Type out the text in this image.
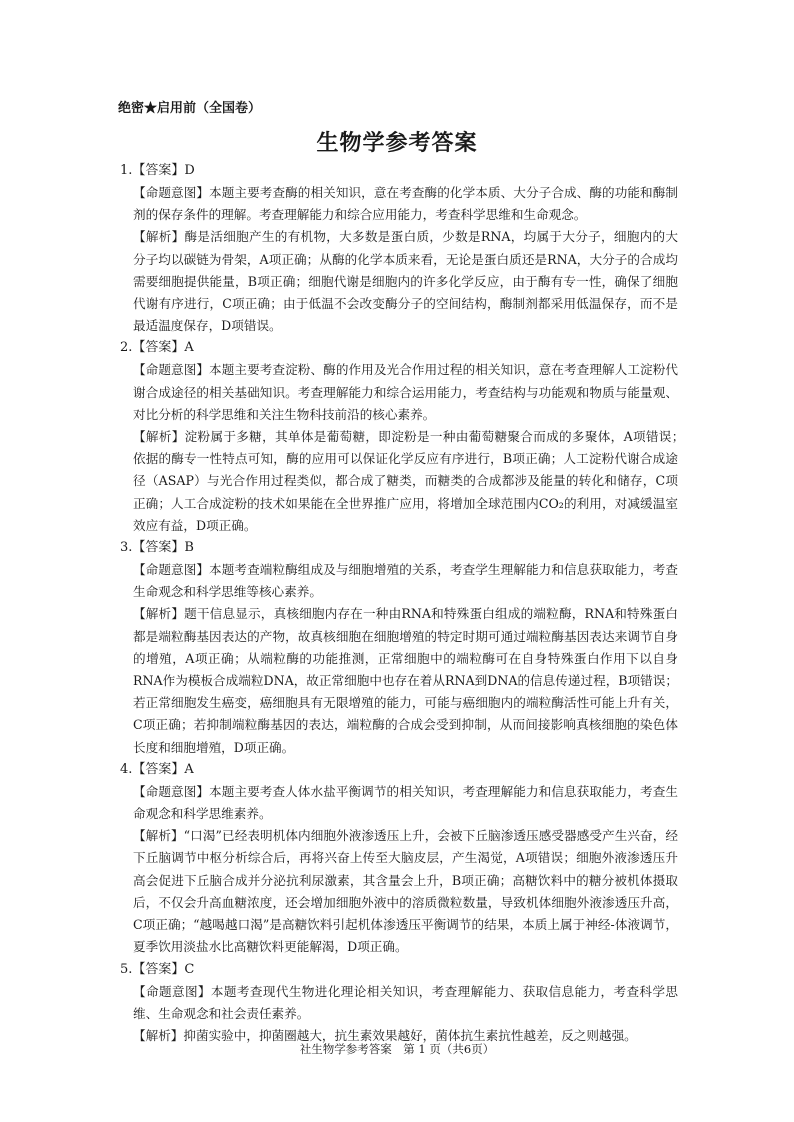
绝密★启用前（全国卷）
生物学参考答案

1.【答案】D

【命题意图】本题主要考查酶的相关知识，意在考查酶的化学本质、大分子合成、酶的功能和酶制剂的保存条件的理解。考查理解能力和综合应用能力，考查科学思维和生命观念。

【解析】酶是活细胞产生的有机物，大多数是蛋白质，少数是RNA，均属于大分子，细胞内的大分子均以碳链为骨架，A项正确；从酶的化学本质来看，无论是蛋白质还是RNA，大分子的合成均需要细胞提供能量，B项正确；细胞代谢是细胞内的许多化学反应，由于酶有专一性，确保了细胞代谢有序进行，C项正确；由于低温不会改变酶分子的空间结构，酶制剂都采用低温保存，而不是最适温度保存，D项错误。

2.【答案】A

【命题意图】本题主要考查淀粉、酶的作用及光合作用过程的相关知识，意在考查理解人工淀粉代谢合成途径的相关基础知识。考查理解能力和综合运用能力，考查结构与功能观和物质与能量观、对比分析的科学思维和关注生物科技前沿的核心素养。

【解析】淀粉属于多糖，其单体是葡萄糖，即淀粉是一种由葡萄糖聚合而成的多聚体，A项错误；　依据的酶专一性特点可知，酶的应用可以保证化学反应有序进行，B项正确；人工淀粉代谢合成途径（ASAP）与光合作用过程类似，都合成了糖类，而糖类的合成都涉及能量的转化和储存，C项正确；人工合成淀粉的技术如果能在全世界推广应用，将增加全球范围内CO₂的利用，对减缓温室效应有益，D项正确。

3.【答案】B

【命题意图】本题考查端粒酶组成及与细胞增殖的关系，考查学生理解能力和信息获取能力，考查生命观念和科学思维等核心素养。

【解析】题干信息显示，真核细胞内存在一种由RNA和特殊蛋白组成的端粒酶，RNA和特殊蛋白都是端粒酶基因表达的产物，故真核细胞在细胞增殖的特定时期可通过端粒酶基因表达来调节自身的增殖，A项正确；从端粒酶的功能推测，正常细胞中的端粒酶可在自身特殊蛋白作用下以自身RNA作为模板合成端粒DNA，故正常细胞中也存在着从RNA到DNA的信息传递过程，B项错误；若正常细胞发生癌变，癌细胞具有无限增殖的能力，可能与癌细胞内的端粒酶活性可能上升有关，C项正确；若抑制端粒酶基因的表达，端粒酶的合成会受到抑制，从而间接影响真核细胞的染色体长度和细胞增殖，D项正确。

4.【答案】A

【命题意图】本题主要考查人体水盐平衡调节的相关知识，考查理解能力和信息获取能力，考查生命观念和科学思维素养。

【解析】“口渴”已经表明机体内细胞外液渗透压上升，会被下丘脑渗透压感受器感受产生兴奋，经下丘脑调节中枢分析综合后，再将兴奋上传至大脑皮层，产生渴觉，A项错误；细胞外液渗透压升高会促进下丘脑合成并分泌抗利尿激素，其含量会上升，B项正确；高糖饮料中的糖分被机体摄取后，不仅会升高血糖浓度，还会增加细胞外液中的溶质微粒数量，导致机体细胞外液渗透压升高，C项正确；“越喝越口渴”是高糖饮料引起机体渗透压平衡调节的结果，本质上属于神经-体液调节，夏季饮用淡盐水比高糖饮料更能解渴，D项正确。

5.【答案】C

【命题意图】本题考查现代生物进化理论相关知识，考查理解能力、获取信息能力，考查科学思维、生命观念和社会责任素养。

【解析】抑菌实验中，抑菌圈越大，抗生素效果越好，菌体抗生素抗性越差，反之则越强。

社生物学参考答案　第 1 页（共6页）
